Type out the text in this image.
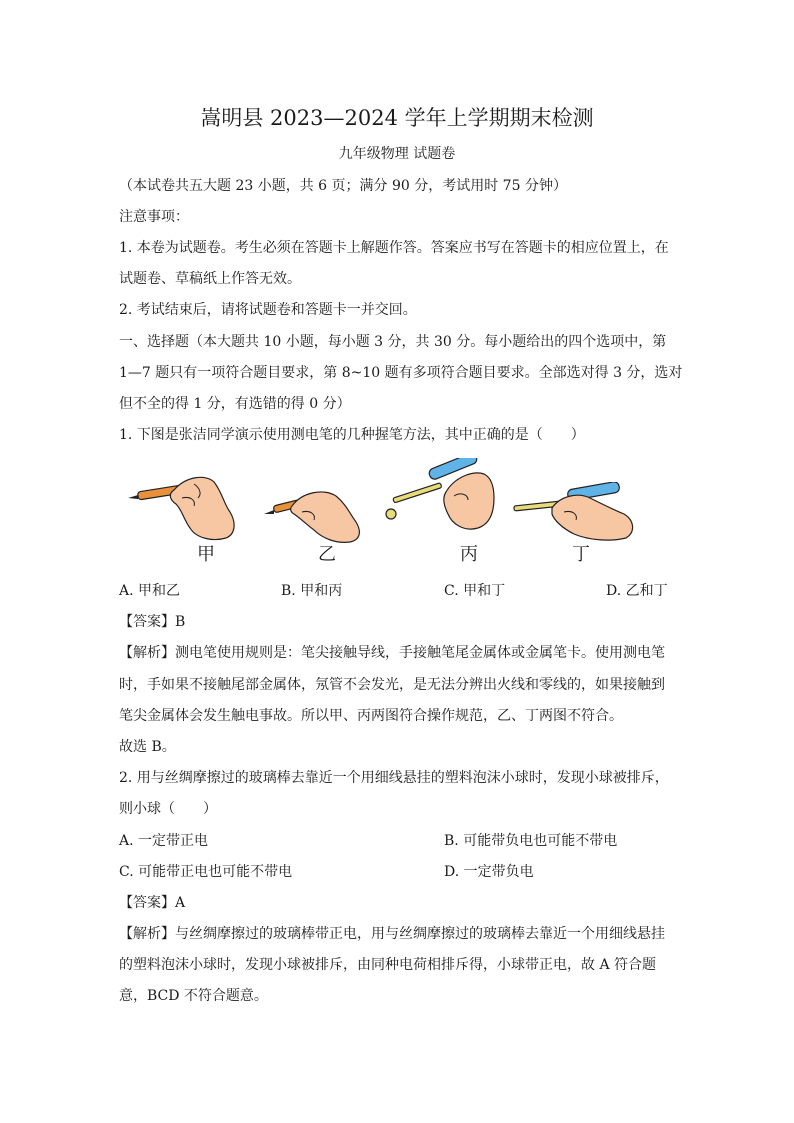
嵩明县 2023—2024 学年上学期期末检测
九年级物理 试题卷
（本试卷共五大题 23 小题，共 6 页；满分 90 分，考试用时 75 分钟）
注意事项：
1. 本卷为试题卷。考生必须在答题卡上解题作答。答案应书写在答题卡的相应位置上，在
试题卷、草稿纸上作答无效。
2. 考试结束后，请将试题卷和答题卡一并交回。
一、选择题（本大题共 10 小题，每小题 3 分，共 30 分。每小题给出的四个选项中，第
1—7 题只有一项符合题目要求，第 8~10 题有多项符合题目要求。全部选对得 3 分，选对
但不全的得 1 分，有选错的得 0 分）
1. 下图是张洁同学演示使用测电笔的几种握笔方法，其中正确的是（　　）
甲	乙	丙	丁
A. 甲和乙	B. 甲和丙	C. 甲和丁	D. 乙和丁
【答案】B
【解析】测电笔使用规则是：笔尖接触导线，手接触笔尾金属体或金属笔卡。使用测电笔
时，手如果不接触尾部金属体，氖管不会发光，是无法分辨出火线和零线的，如果接触到
笔尖金属体会发生触电事故。所以甲、丙两图符合操作规范，乙、丁两图不符合。
故选 B。
2. 用与丝绸摩擦过的玻璃棒去靠近一个用细线悬挂的塑料泡沫小球时，发现小球被排斥，
则小球（　　）
A. 一定带正电	B. 可能带负电也可能不带电
C. 可能带正电也可能不带电	D. 一定带负电
【答案】A
【解析】与丝绸摩擦过的玻璃棒带正电，用与丝绸摩擦过的玻璃棒去靠近一个用细线悬挂
的塑料泡沫小球时，发现小球被排斥，由同种电荷相排斥得，小球带正电，故 A 符合题
意，BCD 不符合题意。
